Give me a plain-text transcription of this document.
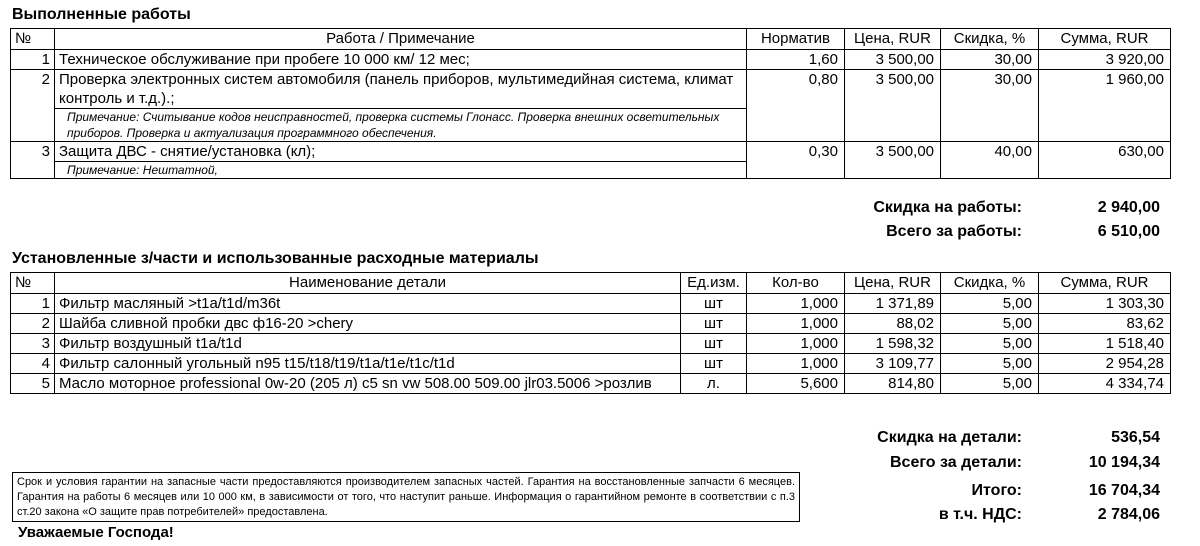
Выполненные работы
№	Работа / Примечание	Норматив	Цена, RUR	Скидка, %	Сумма, RUR
1	Техническое обслуживание при пробеге 10 000 км/ 12 мес;	1,60	3 500,00	30,00	3 920,00
2	Проверка электронных систем автомобиля (панель приборов, мультимедийная система, климат контроль и т.д.).;	0,80	3 500,00	30,00	1 960,00
	Примечание: Считывание кодов неисправностей, проверка системы Глонасс. Проверка внешних осветительных приборов. Проверка и актуализация программного обеспечения.				
3	Защита ДВС - снятие/установка (кл);	0,30	3 500,00	40,00	630,00
	Примечание: Нештатной,				
Скидка на работы:	2 940,00
Всего за работы:	6 510,00
Установленные з/части и использованные расходные материалы
№	Наименование детали	Ед.изм.	Кол-во	Цена, RUR	Скидка, %	Сумма, RUR
1	Фильтр масляный >t1a/t1d/m36t	шт	1,000	1 371,89	5,00	1 303,30
2	Шайба сливной пробки двс ф16-20 >chery	шт	1,000	88,02	5,00	83,62
3	Фильтр воздушный t1a/t1d	шт	1,000	1 598,32	5,00	1 518,40
4	Фильтр салонный угольный n95 t15/t18/t19/t1a/t1e/t1c/t1d	шт	1,000	3 109,77	5,00	2 954,28
5	Масло моторное professional 0w-20 (205 л) c5 sn vw 508.00 509.00 jlr03.5006 >розлив	л.	5,600	814,80	5,00	4 334,74
Скидка на детали:	536,54
Всего за детали:	10 194,34
Итого:	16 704,34
в т.ч. НДС:	2 784,06
Срок и условия гарантии на запасные части предоставляются производителем запасных частей. Гарантия на восстановленные запчасти 6 месяцев. Гарантия на работы 6 месяцев или 10 000 км, в зависимости от того, что наступит раньше. Информация о гарантийном ремонте в соответствии с п.3 ст.20 закона «О защите прав потребителей» предоставлена.
Уважаемые Господа!
